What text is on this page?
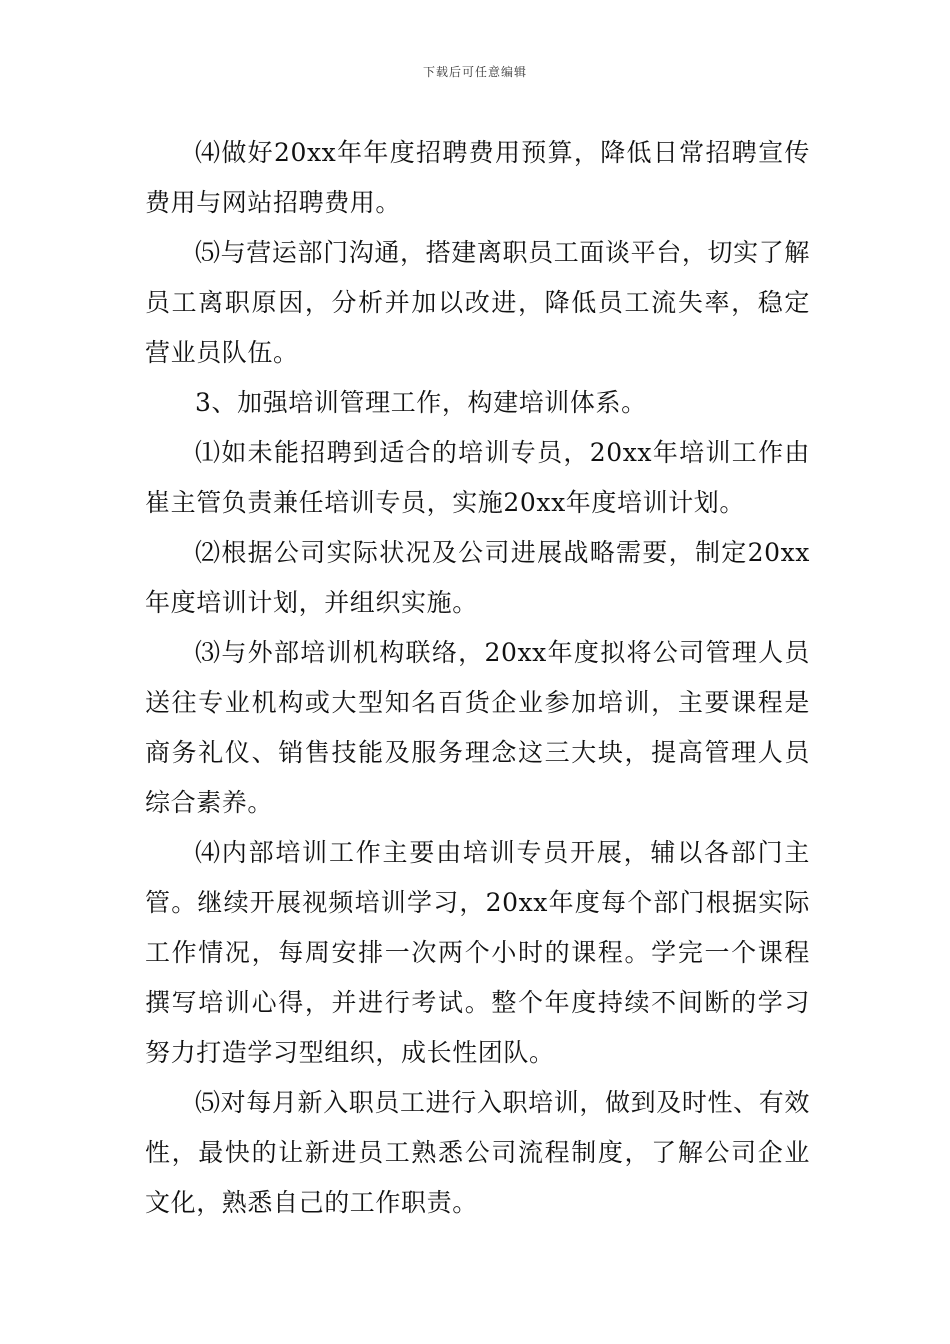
下载后可任意编辑

⑷做好20xx年年度招聘费用预算，降低日常招聘宣传费用与网站招聘费用。

⑸与营运部门沟通，搭建离职员工面谈平台，切实了解员工离职原因，分析并加以改进，降低员工流失率，稳定营业员队伍。

3、加强培训管理工作，构建培训体系。

⑴如未能招聘到适合的培训专员，20xx年培训工作由崔主管负责兼任培训专员，实施20xx年度培训计划。

⑵根据公司实际状况及公司进展战略需要，制定20xx年度培训计划，并组织实施。

⑶与外部培训机构联络，20xx年度拟将公司管理人员送往专业机构或大型知名百货企业参加培训，主要课程是商务礼仪、销售技能及服务理念这三大块，提高管理人员综合素养。

⑷内部培训工作主要由培训专员开展，辅以各部门主管。继续开展视频培训学习，20xx年度每个部门根据实际工作情况，每周安排一次两个小时的课程。学完一个课程撰写培训心得，并进行考试。整个年度持续不间断的学习努力打造学习型组织，成长性团队。

⑸对每月新入职员工进行入职培训，做到及时性、有效性，最快的让新进员工熟悉公司流程制度，了解公司企业文化，熟悉自己的工作职责。
